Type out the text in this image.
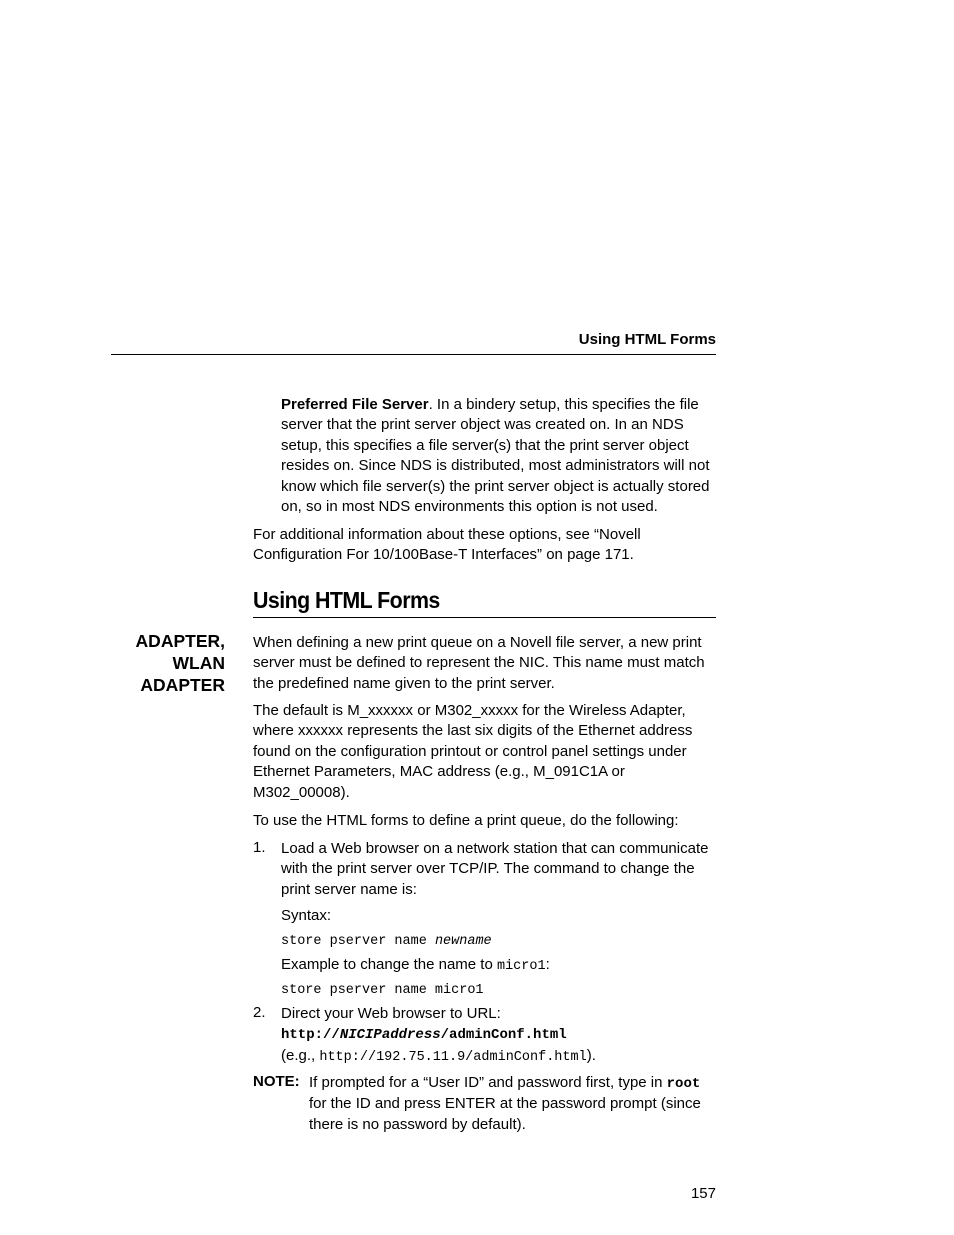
Using HTML Forms
Preferred File Server. In a bindery setup, this specifies the file server that the print server object was created on. In an NDS setup, this specifies a file server(s) that the print server object resides on. Since NDS is distributed, most administrators will not know which file server(s) the print server object is actually stored on, so in most NDS environments this option is not used.
For additional information about these options, see “Novell Configuration For 10/100Base-T Interfaces” on page 171.
Using HTML Forms
ADAPTER,
WLAN
ADAPTER
When defining a new print queue on a Novell file server, a new print server must be defined to represent the NIC. This name must match the predefined name given to the print server.
The default is M_xxxxxx or M302_xxxxx for the Wireless Adapter, where xxxxxx represents the last six digits of the Ethernet address found on the configuration printout or control panel settings under Ethernet Parameters, MAC address (e.g., M_091C1A or M302_00008).
To use the HTML forms to define a print queue, do the following:
1. Load a Web browser on a network station that can communicate with the print server over TCP/IP. The command to change the print server name is:
Syntax:
store pserver name newname
Example to change the name to micro1:
store pserver name micro1
2. Direct your Web browser to URL:
http://NICIPaddress/adminConf.html
(e.g., http://192.75.11.9/adminConf.html).
NOTE: If prompted for a “User ID” and password first, type in root for the ID and press ENTER at the password prompt (since there is no password by default).
157
